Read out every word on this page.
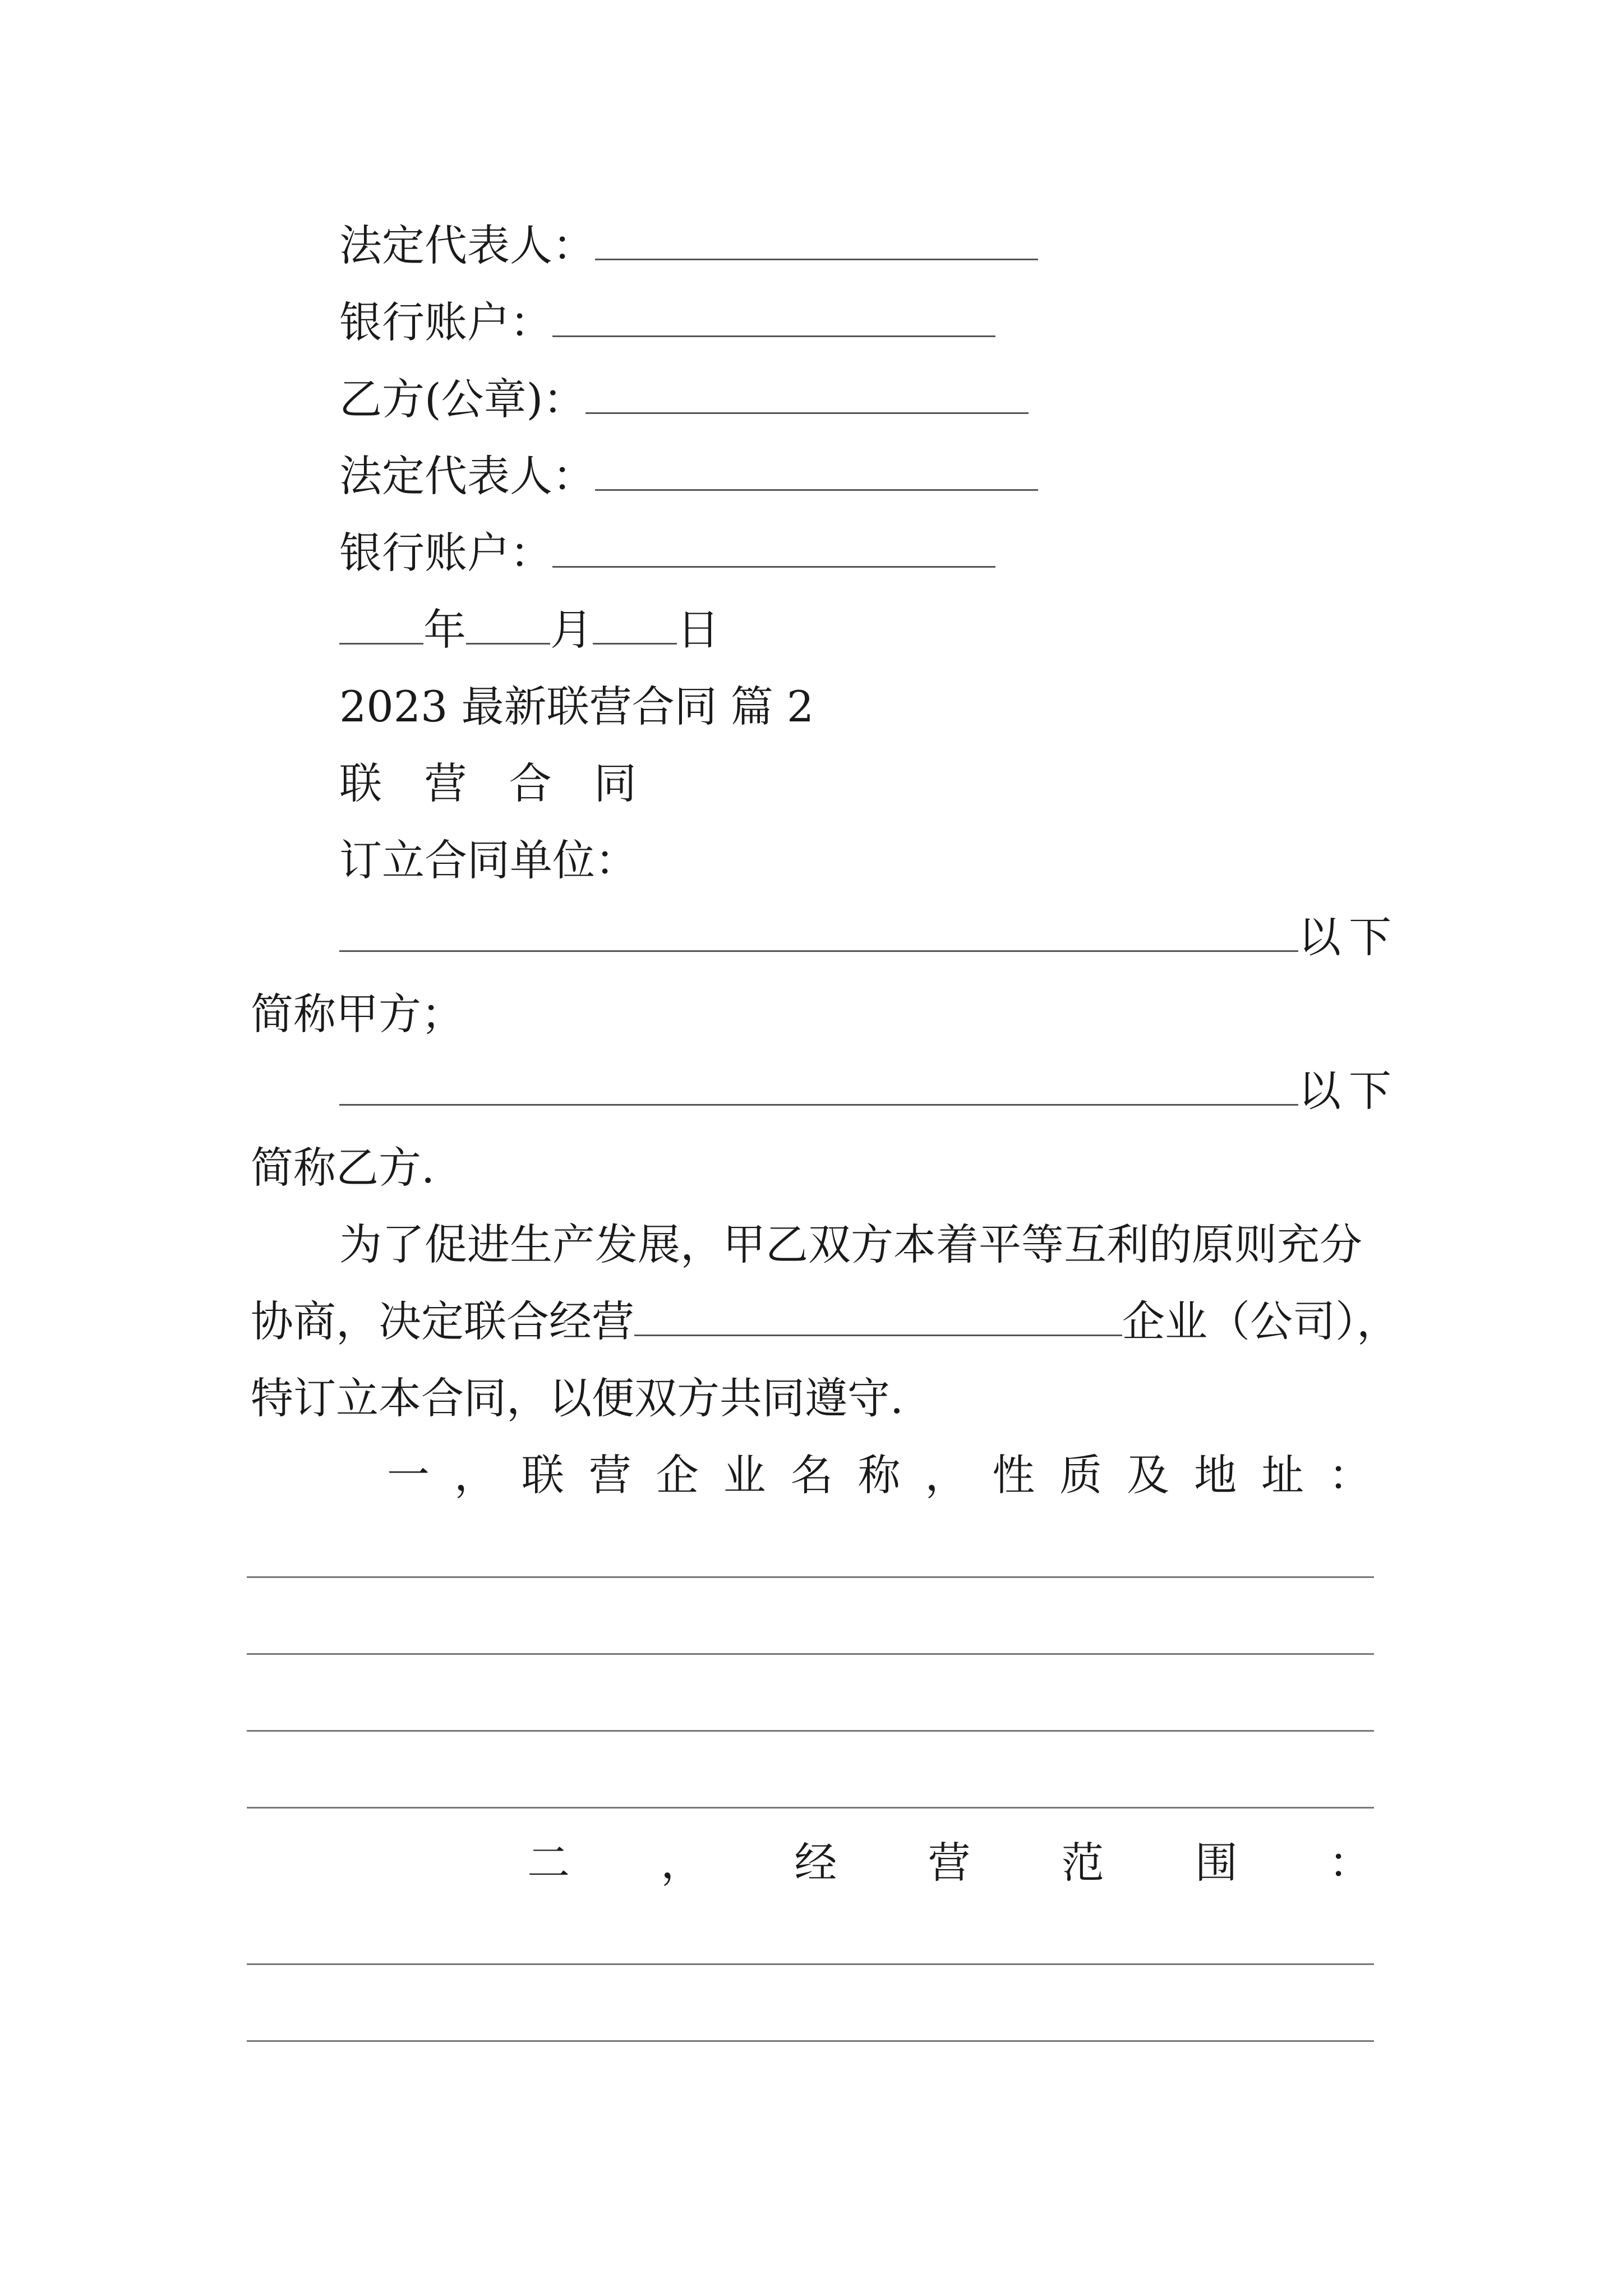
法定代表人：
银行账户：
乙方(公章)：
法定代表人：
银行账户：
年 月 日
2023 最新联营合同 篇 2
联 营 合 同
订立合同单位：
以下
简称甲方；
以下
简称乙方.
为了促进生产发展，甲乙双方本着平等互利的原则充分
协商，决定联合经营	企业（公司），
特订立本合同，以便双方共同遵守.
一 ， 联 营 企 业 名 称 ， 性 质 及 地 址 ：
二 ， 经 营 范 围 ：
